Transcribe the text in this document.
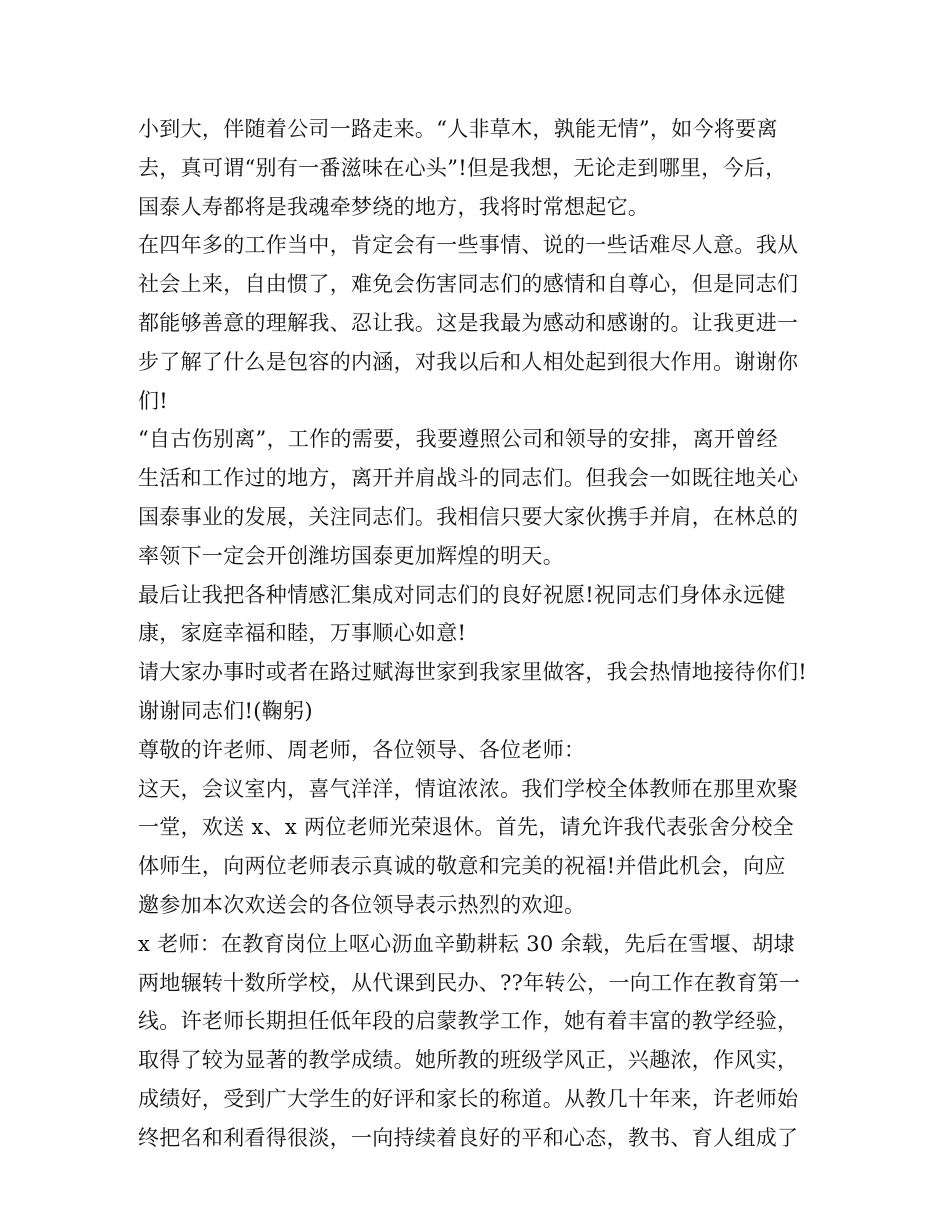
小到大，伴随着公司一路走来。“人非草木，孰能无情”，如今将要离
去，真可谓“别有一番滋味在心头”!但是我想，无论走到哪里，今后，
国泰人寿都将是我魂牵梦绕的地方，我将时常想起它。
在四年多的工作当中，肯定会有一些事情、说的一些话难尽人意。我从
社会上来，自由惯了，难免会伤害同志们的感情和自尊心，但是同志们
都能够善意的理解我、忍让我。这是我最为感动和感谢的。让我更进一
步了解了什么是包容的内涵，对我以后和人相处起到很大作用。谢谢你
们!
“自古伤别离”，工作的需要，我要遵照公司和领导的安排，离开曾经
生活和工作过的地方，离开并肩战斗的同志们。但我会一如既往地关心
国泰事业的发展，关注同志们。我相信只要大家伙携手并肩，在林总的
率领下一定会开创潍坊国泰更加辉煌的明天。
最后让我把各种情感汇集成对同志们的良好祝愿!祝同志们身体永远健
康，家庭幸福和睦，万事顺心如意!
请大家办事时或者在路过赋海世家到我家里做客，我会热情地接待你们!
谢谢同志们!(鞠躬)
尊敬的许老师、周老师，各位领导、各位老师：
这天，会议室内，喜气洋洋，情谊浓浓。我们学校全体教师在那里欢聚
一堂，欢送 x、x 两位老师光荣退休。首先，请允许我代表张舍分校全
体师生，向两位老师表示真诚的敬意和完美的祝福!并借此机会，向应
邀参加本次欢送会的各位领导表示热烈的欢迎。
x 老师：在教育岗位上呕心沥血辛勤耕耘 30 余载，先后在雪堰、胡埭
两地辗转十数所学校，从代课到民办、??年转公，一向工作在教育第一
线。许老师长期担任低年段的启蒙教学工作，她有着丰富的教学经验，
取得了较为显著的教学成绩。她所教的班级学风正，兴趣浓，作风实，
成绩好，受到广大学生的好评和家长的称道。从教几十年来，许老师始
终把名和利看得很淡，一向持续着良好的平和心态，教书、育人组成了
